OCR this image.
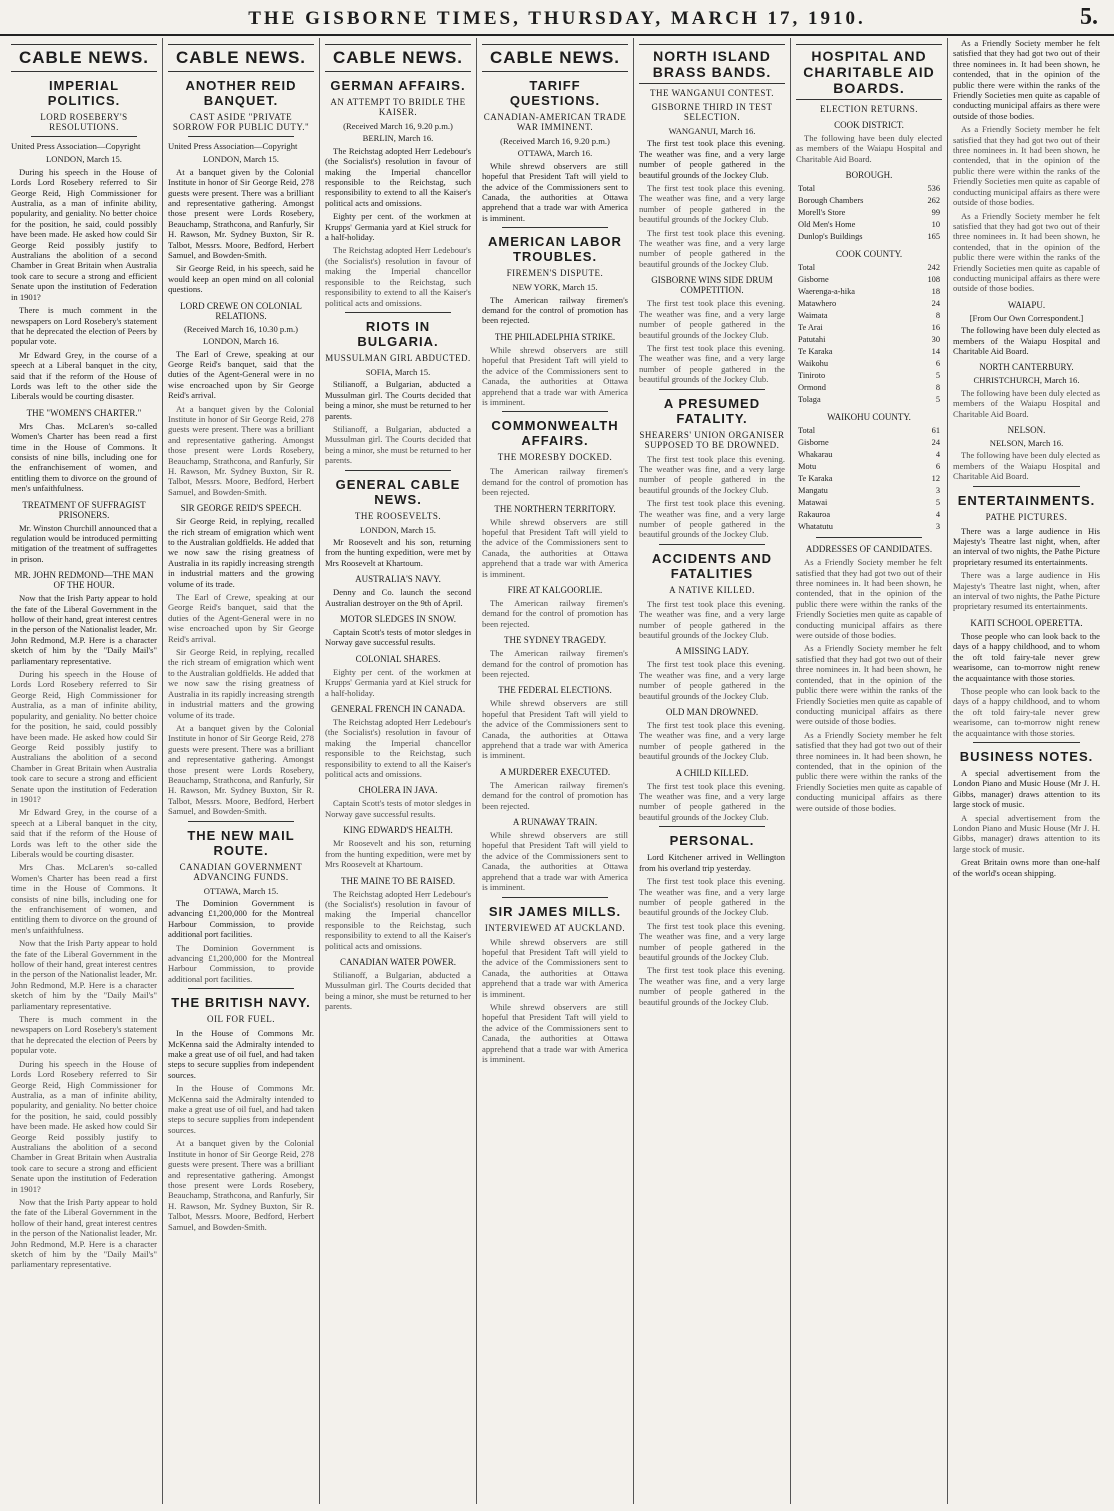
THE GISBORNE TIMES, THURSDAY, MARCH 17, 1910.	5.
CABLE NEWS.
IMPERIAL POLITICS.
LORD ROSEBERY'S RESOLUTIONS.

United Press Association—Copyright

LONDON, March 15.

During his speech in the House of Lords Lord Rosebery referred to Sir George Reid, High Commissioner for Australia, as a man of infinite ability, popularity, and geniality. No better choice for the position, he said, could possibly have been made. He asked how could Sir George Reid possibly justify to Australians the abolition of a second Chamber in Great Britain when Australia took care to secure a strong and efficient Senate upon the institution of Federation in 1901?

There is much comment in the newspapers on Lord Rosebery's statement that he deprecated the election of Peers by popular vote.

Mr Edward Grey, in the course of a speech at a Liberal banquet in the city, said that if the reform of the House of Lords was left to the other side the Liberals would be courting disaster.

THE "WOMEN'S CHARTER."

Mrs Chas. McLaren's so-called Women's Charter has been read a first time in the House of Commons. It consists of nine bills, including one for the enfranchisement of women, and entitling them to divorce on the ground of men's unfaithfulness.

TREATMENT OF SUFFRAGIST PRISONERS.

Mr. Winston Churchill announced that a regulation would be introduced permitting mitigation of the treatment of suffragettes in prison.

MR. JOHN REDMOND—THE MAN OF THE HOUR.

Now that the Irish Party appear to hold the fate of the Liberal Government in the hollow of their hand, great interest centres in the person of the Nationalist leader, Mr. John Redmond, M.P. Here is a character sketch of him by the "Daily Mail's" parliamentary representative.

During his speech in the House of Lords Lord Rosebery referred to Sir George Reid, High Commissioner for Australia, as a man of infinite ability, popularity, and geniality. No better choice for the position, he said, could possibly have been made. He asked how could Sir George Reid possibly justify to Australians the abolition of a second Chamber in Great Britain when Australia took care to secure a strong and efficient Senate upon the institution of Federation in 1901?

Mr Edward Grey, in the course of a speech at a Liberal banquet in the city, said that if the reform of the House of Lords was left to the other side the Liberals would be courting disaster.

Mrs Chas. McLaren's so-called Women's Charter has been read a first time in the House of Commons. It consists of nine bills, including one for the enfranchisement of women, and entitling them to divorce on the ground of men's unfaithfulness.

Now that the Irish Party appear to hold the fate of the Liberal Government in the hollow of their hand, great interest centres in the person of the Nationalist leader, Mr. John Redmond, M.P. Here is a character sketch of him by the "Daily Mail's" parliamentary representative.

There is much comment in the newspapers on Lord Rosebery's statement that he deprecated the election of Peers by popular vote.

During his speech in the House of Lords Lord Rosebery referred to Sir George Reid, High Commissioner for Australia, as a man of infinite ability, popularity, and geniality. No better choice for the position, he said, could possibly have been made. He asked how could Sir George Reid possibly justify to Australians the abolition of a second Chamber in Great Britain when Australia took care to secure a strong and efficient Senate upon the institution of Federation in 1901?

Now that the Irish Party appear to hold the fate of the Liberal Government in the hollow of their hand, great interest centres in the person of the Nationalist leader, Mr. John Redmond, M.P. Here is a character sketch of him by the "Daily Mail's" parliamentary representative.

CABLE NEWS.
ANOTHER REID BANQUET.
CAST ASIDE "PRIVATE SORROW FOR PUBLIC DUTY."

United Press Association—Copyright

LONDON, March 15.

At a banquet given by the Colonial Institute in honor of Sir George Reid, 278 guests were present. There was a brilliant and representative gathering. Amongst those present were Lords Rosebery, Beauchamp, Strathcona, and Ranfurly, Sir H. Rawson, Mr. Sydney Buxton, Sir R. Talbot, Messrs. Moore, Bedford, Herbert Samuel, and Bowden-Smith.

Sir George Reid, in his speech, said he would keep an open mind on all colonial questions.

LORD CREWE ON COLONIAL RELATIONS.
(Received March 16, 10.30 p.m.)
LONDON, March 16.

The Earl of Crewe, speaking at our George Reid's banquet, said that the duties of the Agent-General were in no wise encroached upon by Sir George Reid's arrival.

At a banquet given by the Colonial Institute in honor of Sir George Reid, 278 guests were present. There was a brilliant and representative gathering. Amongst those present were Lords Rosebery, Beauchamp, Strathcona, and Ranfurly, Sir H. Rawson, Mr. Sydney Buxton, Sir R. Talbot, Messrs. Moore, Bedford, Herbert Samuel, and Bowden-Smith.

SIR GEORGE REID'S SPEECH.

Sir George Reid, in replying, recalled the rich stream of emigration which went to the Australian goldfields. He added that we now saw the rising greatness of Australia in its rapidly increasing strength in industrial matters and the growing volume of its trade.

The Earl of Crewe, speaking at our George Reid's banquet, said that the duties of the Agent-General were in no wise encroached upon by Sir George Reid's arrival.

Sir George Reid, in replying, recalled the rich stream of emigration which went to the Australian goldfields. He added that we now saw the rising greatness of Australia in its rapidly increasing strength in industrial matters and the growing volume of its trade.

At a banquet given by the Colonial Institute in honor of Sir George Reid, 278 guests were present. There was a brilliant and representative gathering. Amongst those present were Lords Rosebery, Beauchamp, Strathcona, and Ranfurly, Sir H. Rawson, Mr. Sydney Buxton, Sir R. Talbot, Messrs. Moore, Bedford, Herbert Samuel, and Bowden-Smith.

THE NEW MAIL ROUTE.
CANADIAN GOVERNMENT ADVANCING FUNDS.
OTTAWA, March 15.

The Dominion Government is advancing £1,200,000 for the Montreal Harbour Commission, to provide additional port facilities.

The Dominion Government is advancing £1,200,000 for the Montreal Harbour Commission, to provide additional port facilities.

THE BRITISH NAVY.
OIL FOR FUEL.

In the House of Commons Mr. McKenna said the Admiralty intended to make a great use of oil fuel, and had taken steps to secure supplies from independent sources.

In the House of Commons Mr. McKenna said the Admiralty intended to make a great use of oil fuel, and had taken steps to secure supplies from independent sources.

At a banquet given by the Colonial Institute in honor of Sir George Reid, 278 guests were present. There was a brilliant and representative gathering. Amongst those present were Lords Rosebery, Beauchamp, Strathcona, and Ranfurly, Sir H. Rawson, Mr. Sydney Buxton, Sir R. Talbot, Messrs. Moore, Bedford, Herbert Samuel, and Bowden-Smith.

CABLE NEWS.
GERMAN AFFAIRS.
AN ATTEMPT TO BRIDLE THE KAISER.
(Received March 16, 9.20 p.m.)
BERLIN, March 16.

The Reichstag adopted Herr Ledebour's (the Socialist's) resolution in favour of making the Imperial chancellor responsible to the Reichstag, such responsibility to extend to all the Kaiser's political acts and omissions.

Eighty per cent. of the workmen at Krupps' Germania yard at Kiel struck for a half-holiday.

The Reichstag adopted Herr Ledebour's (the Socialist's) resolution in favour of making the Imperial chancellor responsible to the Reichstag, such responsibility to extend to all the Kaiser's political acts and omissions.

RIOTS IN BULGARIA.
MUSSULMAN GIRL ABDUCTED.
SOFIA, March 15.

Stilianoff, a Bulgarian, abducted a Mussulman girl. The Courts decided that being a minor, she must be returned to her parents.

Stilianoff, a Bulgarian, abducted a Mussulman girl. The Courts decided that being a minor, she must be returned to her parents.

GENERAL CABLE NEWS.
THE ROOSEVELTS.
LONDON, March 15.

Mr Roosevelt and his son, returning from the hunting expedition, were met by Mrs Roosevelt at Khartoum.

AUSTRALIA'S NAVY.

Denny and Co. launch the second Australian destroyer on the 9th of April.

MOTOR SLEDGES IN SNOW.

Captain Scott's tests of motor sledges in Norway gave successful results.

COLONIAL SHARES.

Eighty per cent. of the workmen at Krupps' Germania yard at Kiel struck for a half-holiday.

GENERAL FRENCH IN CANADA.

The Reichstag adopted Herr Ledebour's (the Socialist's) resolution in favour of making the Imperial chancellor responsible to the Reichstag, such responsibility to extend to all the Kaiser's political acts and omissions.

CHOLERA IN JAVA.

Captain Scott's tests of motor sledges in Norway gave successful results.

KING EDWARD'S HEALTH.

Mr Roosevelt and his son, returning from the hunting expedition, were met by Mrs Roosevelt at Khartoum.

THE MAINE TO BE RAISED.

The Reichstag adopted Herr Ledebour's (the Socialist's) resolution in favour of making the Imperial chancellor responsible to the Reichstag, such responsibility to extend to all the Kaiser's political acts and omissions.

CANADIAN WATER POWER.

Stilianoff, a Bulgarian, abducted a Mussulman girl. The Courts decided that being a minor, she must be returned to her parents.

CABLE NEWS.
TARIFF QUESTIONS.
CANADIAN-AMERICAN TRADE WAR IMMINENT.
(Received March 16, 9.20 p.m.)
OTTAWA, March 16.

While shrewd observers are still hopeful that President Taft will yield to the advice of the Commissioners sent to Canada, the authorities at Ottawa apprehend that a trade war with America is imminent.

AMERICAN LABOR TROUBLES.
FIREMEN'S DISPUTE.
NEW YORK, March 15.

The American railway firemen's demand for the control of promotion has been rejected.

THE PHILADELPHIA STRIKE.

While shrewd observers are still hopeful that President Taft will yield to the advice of the Commissioners sent to Canada, the authorities at Ottawa apprehend that a trade war with America is imminent.

COMMONWEALTH AFFAIRS.
THE MORESBY DOCKED.

The American railway firemen's demand for the control of promotion has been rejected.

THE NORTHERN TERRITORY.

While shrewd observers are still hopeful that President Taft will yield to the advice of the Commissioners sent to Canada, the authorities at Ottawa apprehend that a trade war with America is imminent.

FIRE AT KALGOORLIE.

The American railway firemen's demand for the control of promotion has been rejected.

THE SYDNEY TRAGEDY.

The American railway firemen's demand for the control of promotion has been rejected.

THE FEDERAL ELECTIONS.

While shrewd observers are still hopeful that President Taft will yield to the advice of the Commissioners sent to Canada, the authorities at Ottawa apprehend that a trade war with America is imminent.

A MURDERER EXECUTED.

The American railway firemen's demand for the control of promotion has been rejected.

A RUNAWAY TRAIN.

While shrewd observers are still hopeful that President Taft will yield to the advice of the Commissioners sent to Canada, the authorities at Ottawa apprehend that a trade war with America is imminent.

SIR JAMES MILLS.
INTERVIEWED AT AUCKLAND.

While shrewd observers are still hopeful that President Taft will yield to the advice of the Commissioners sent to Canada, the authorities at Ottawa apprehend that a trade war with America is imminent.

While shrewd observers are still hopeful that President Taft will yield to the advice of the Commissioners sent to Canada, the authorities at Ottawa apprehend that a trade war with America is imminent.

NORTH ISLAND BRASS BANDS.
THE WANGANUI CONTEST.
GISBORNE THIRD IN TEST SELECTION.
WANGANUI, March 16.

The first test took place this evening. The weather was fine, and a very large number of people gathered in the beautiful grounds of the Jockey Club.

The first test took place this evening. The weather was fine, and a very large number of people gathered in the beautiful grounds of the Jockey Club.

The first test took place this evening. The weather was fine, and a very large number of people gathered in the beautiful grounds of the Jockey Club.

GISBORNE WINS SIDE DRUM COMPETITION.

The first test took place this evening. The weather was fine, and a very large number of people gathered in the beautiful grounds of the Jockey Club.

The first test took place this evening. The weather was fine, and a very large number of people gathered in the beautiful grounds of the Jockey Club.

A PRESUMED FATALITY.
SHEARERS' UNION ORGANISER SUPPOSED TO BE DROWNED.

The first test took place this evening. The weather was fine, and a very large number of people gathered in the beautiful grounds of the Jockey Club.

The first test took place this evening. The weather was fine, and a very large number of people gathered in the beautiful grounds of the Jockey Club.

ACCIDENTS AND FATALITIES
A NATIVE KILLED.

The first test took place this evening. The weather was fine, and a very large number of people gathered in the beautiful grounds of the Jockey Club.

A MISSING LADY.

The first test took place this evening. The weather was fine, and a very large number of people gathered in the beautiful grounds of the Jockey Club.

OLD MAN DROWNED.

The first test took place this evening. The weather was fine, and a very large number of people gathered in the beautiful grounds of the Jockey Club.

A CHILD KILLED.

The first test took place this evening. The weather was fine, and a very large number of people gathered in the beautiful grounds of the Jockey Club.

PERSONAL.

Lord Kitchener arrived in Wellington from his overland trip yesterday.

The first test took place this evening. The weather was fine, and a very large number of people gathered in the beautiful grounds of the Jockey Club.

The first test took place this evening. The weather was fine, and a very large number of people gathered in the beautiful grounds of the Jockey Club.

The first test took place this evening. The weather was fine, and a very large number of people gathered in the beautiful grounds of the Jockey Club.

HOSPITAL AND CHARITABLE AID BOARDS.
ELECTION RETURNS.
COOK DISTRICT.

The following have been duly elected as members of the Waiapu Hospital and Charitable Aid Board.

BOROUGH.
Total	536
Borough Chambers	262
Morell's Store	99
Old Men's Home	10
Dunlop's Buildings	165
COOK COUNTY.
Total	242
Gisborne	108
Waerenga-a-hika	18
Matawhero	24
Waimata	8
Te Arai	16
Patutahi	30
Te Karaka	14
Waikohu	6
Tiniroto	5
Ormond	8
Tolaga	5
WAIKOHU COUNTY.
Total	61
Gisborne	24
Whakarau	4
Motu	6
Te Karaka	12
Mangatu	3
Matawai	5
Rakauroa	4
Whatatutu	3
ADDRESSES OF CANDIDATES.

As a Friendly Society member he felt satisfied that they had got two out of their three nominees in. It had been shown, he contended, that in the opinion of the public there were within the ranks of the Friendly Societies men quite as capable of conducting municipal affairs as there were outside of those bodies.

As a Friendly Society member he felt satisfied that they had got two out of their three nominees in. It had been shown, he contended, that in the opinion of the public there were within the ranks of the Friendly Societies men quite as capable of conducting municipal affairs as there were outside of those bodies.

As a Friendly Society member he felt satisfied that they had got two out of their three nominees in. It had been shown, he contended, that in the opinion of the public there were within the ranks of the Friendly Societies men quite as capable of conducting municipal affairs as there were outside of those bodies.

As a Friendly Society member he felt satisfied that they had got two out of their three nominees in. It had been shown, he contended, that in the opinion of the public there were within the ranks of the Friendly Societies men quite as capable of conducting municipal affairs as there were outside of those bodies.

As a Friendly Society member he felt satisfied that they had got two out of their three nominees in. It had been shown, he contended, that in the opinion of the public there were within the ranks of the Friendly Societies men quite as capable of conducting municipal affairs as there were outside of those bodies.

As a Friendly Society member he felt satisfied that they had got two out of their three nominees in. It had been shown, he contended, that in the opinion of the public there were within the ranks of the Friendly Societies men quite as capable of conducting municipal affairs as there were outside of those bodies.

WAIAPU.
[From Our Own Correspondent.]

The following have been duly elected as members of the Waiapu Hospital and Charitable Aid Board.

NORTH CANTERBURY.
CHRISTCHURCH, March 16.

The following have been duly elected as members of the Waiapu Hospital and Charitable Aid Board.

NELSON.
NELSON, March 16.

The following have been duly elected as members of the Waiapu Hospital and Charitable Aid Board.

ENTERTAINMENTS.
PATHE PICTURES.

There was a large audience in His Majesty's Theatre last night, when, after an interval of two nights, the Pathe Picture proprietary resumed its entertainments.

There was a large audience in His Majesty's Theatre last night, when, after an interval of two nights, the Pathe Picture proprietary resumed its entertainments.

KAITI SCHOOL OPERETTA.

Those people who can look back to the days of a happy childhood, and to whom the oft told fairy-tale never grew wearisome, can to-morrow night renew the acquaintance with those stories.

Those people who can look back to the days of a happy childhood, and to whom the oft told fairy-tale never grew wearisome, can to-morrow night renew the acquaintance with those stories.

BUSINESS NOTES.

A special advertisement from the London Piano and Music House (Mr J. H. Gibbs, manager) draws attention to its large stock of music.

A special advertisement from the London Piano and Music House (Mr J. H. Gibbs, manager) draws attention to its large stock of music.

Great Britain owns more than one-half of the world's ocean shipping.
